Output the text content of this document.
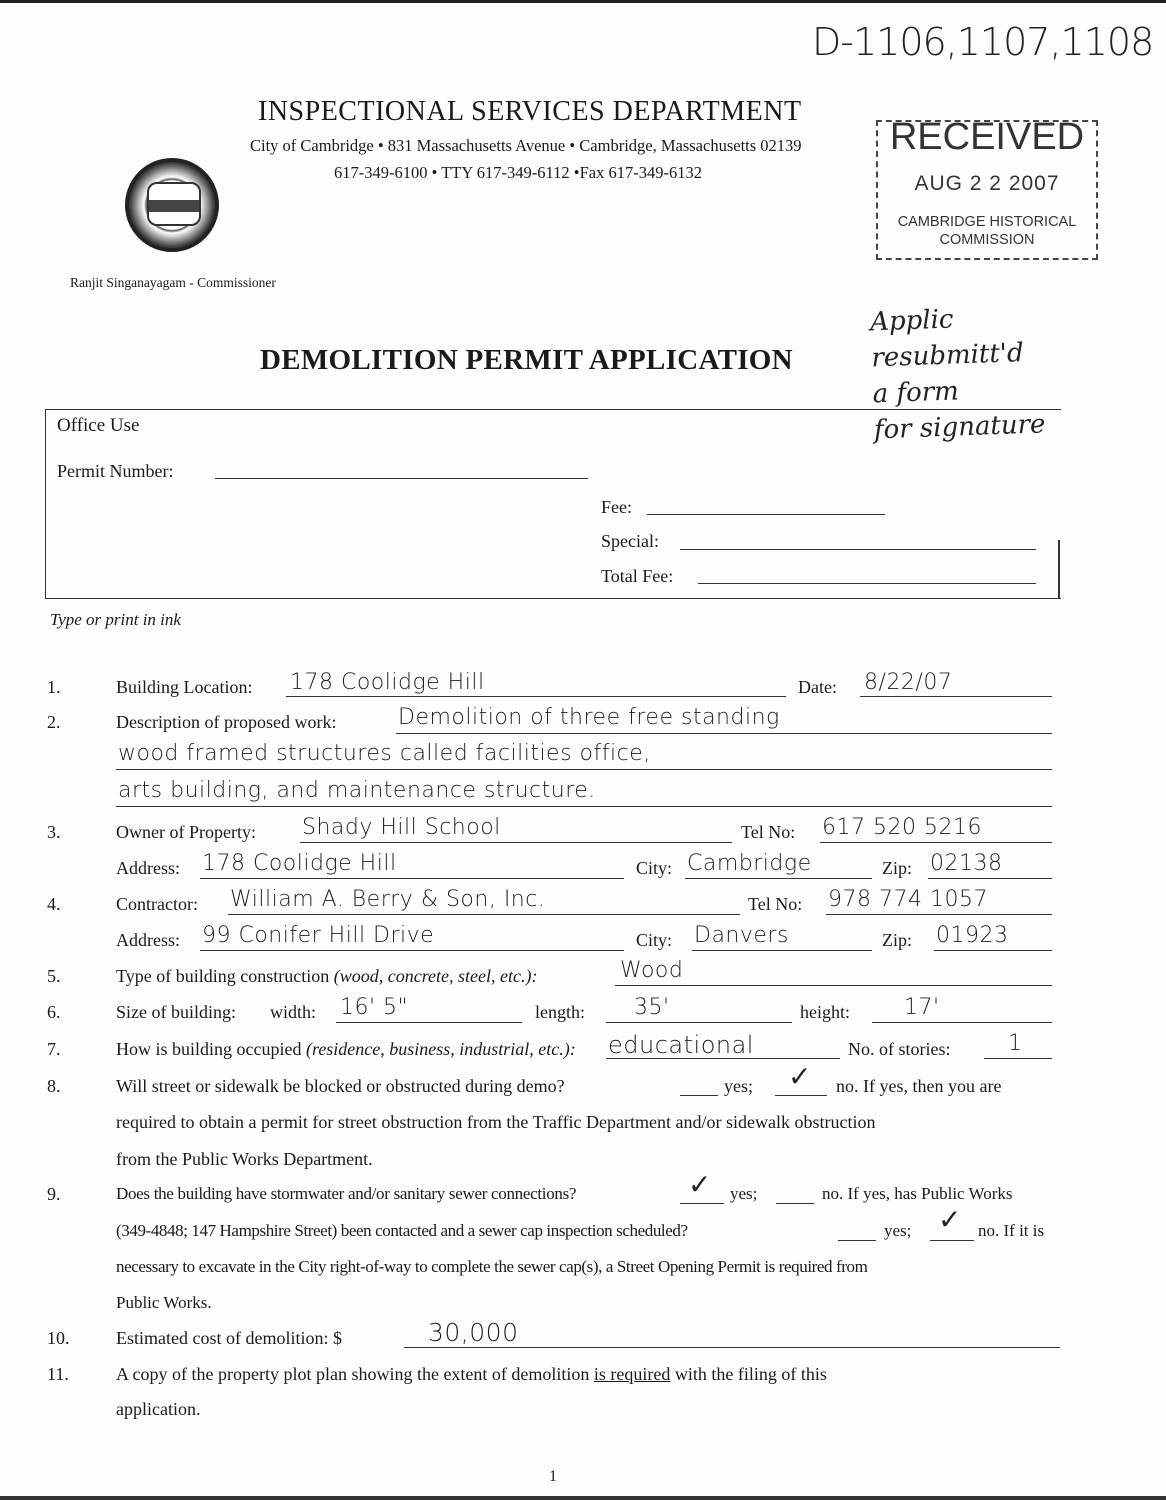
D-1106,1107,1108
INSPECTIONAL SERVICES DEPARTMENT
City of Cambridge • 831 Massachusetts Avenue • Cambridge, Massachusetts 02139
617-349-6100 • TTY 617-349-6112 •Fax 617-349-6132
Ranjit Singanayagam - Commissioner
RECEIVED
AUG 2 2 2007
CAMBRIDGE HISTORICAL
COMMISSION
DEMOLITION PERMIT APPLICATION
Applic
resubmitt'd
a form
for signature
Office Use
Permit Number:
Fee:
Special:
Total Fee:
Type or print in ink
1.	Building Location: 178 Coolidge Hill	Date: 8/22/07
2.	Description of proposed work:	Demolition of three free standing
wood framed structures called facilities office,
arts building, and maintenance structure.
3.	Owner of Property: Shady Hill School	Tel No: 617 520 5216
Address: 178 Coolidge Hill	City: Cambridge	Zip: 02138
4.	Contractor: William A. Berry & Son, Inc.	Tel No: 978 774 1057
Address: 99 Conifer Hill Drive	City: Danvers	Zip: 01923
5.	Type of building construction (wood, concrete, steel, etc.):	Wood
6.	Size of building: width: 16' 5"	length: 35'	height: 17'
7.	How is building occupied (residence, business, industrial, etc.): educational	No. of stories:	1
8.	Will street or sidewalk be blocked or obstructed during demo?	yes; ✓ no. If yes, then you are
required to obtain a permit for street obstruction from the Traffic Department and/or sidewalk obstruction
from the Public Works Department.
9.	Does the building have stormwater and/or sanitary sewer connections?	✓ yes;	no. If yes, has Public Works
(349-4848; 147 Hampshire Street) been contacted and a sewer cap inspection scheduled?	yes; ✓ no. If it is
necessary to excavate in the City right-of-way to complete the sewer cap(s), a Street Opening Permit is required from
Public Works.
10.	Estimated cost of demolition: $	30,000
11.	A copy of the property plot plan showing the extent of demolition is required with the filing of this
application.
1
